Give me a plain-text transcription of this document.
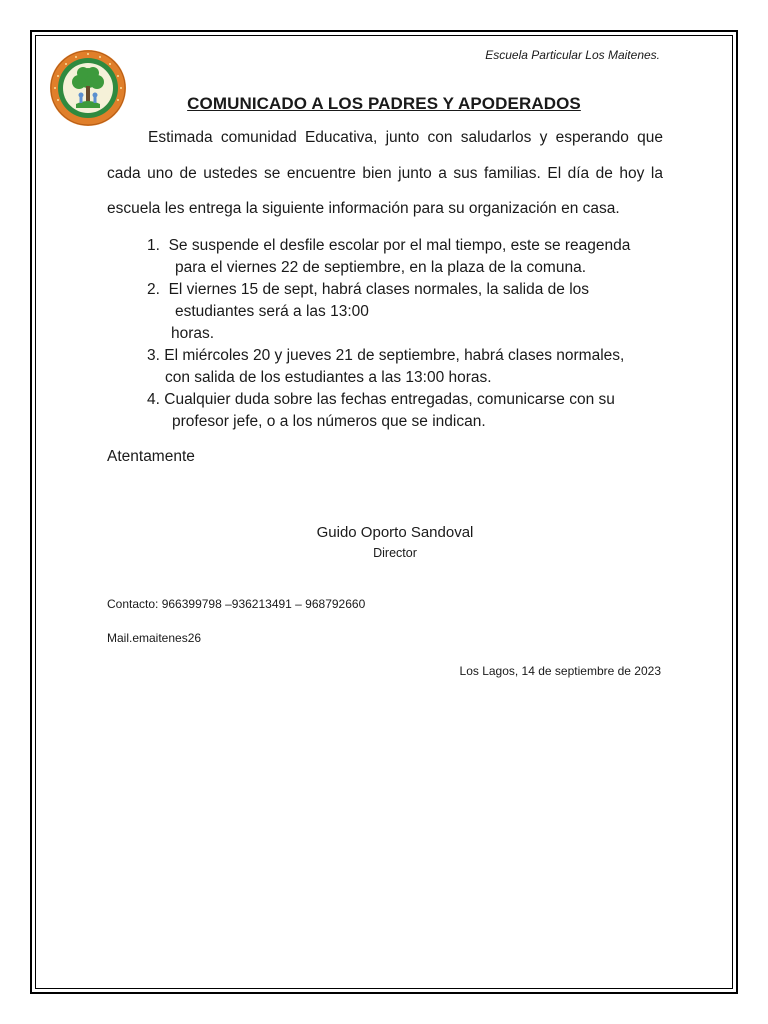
Escuela Particular Los Maitenes.
COMUNICADO A LOS PADRES Y APODERADOS

Estimada comunidad Educativa, junto con saludarlos y esperando que cada uno de ustedes se encuentre bien junto a sus familias. El día de hoy la escuela les entrega la siguiente información para su organización en casa.

1. Se suspende el desfile escolar por el mal tiempo, este se reagenda
para el viernes 22 de septiembre, en la plaza de la comuna.
2. El viernes 15 de sept, habrá clases normales, la salida de los
estudiantes será a las 13:00
horas.
3. El miércoles 20 y jueves 21 de septiembre, habrá clases normales,
con salida de los estudiantes a las 13:00 horas.
4. Cualquier duda sobre las fechas entregadas, comunicarse con su
profesor jefe, o a los números que se indican.
Atentamente
Guido Oporto Sandoval
Director
Contacto: 966399798 –936213491 – 968792660
Mail.emaitenes26
Los Lagos, 14 de septiembre de 2023
